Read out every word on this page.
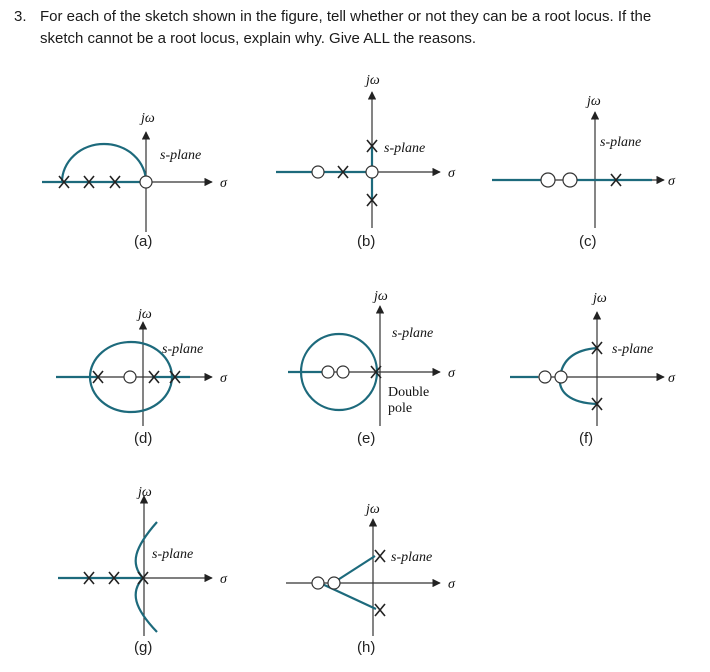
3. For each of the sketch shown in the figure, tell whether or not they can be a root locus. If the sketch cannot be a root locus, explain why. Give ALL the reasons.
jω
s-plane
σ
(a)
jω
s-plane
σ
(b)
jω
s-plane
σ
(c)
jω
s-plane
σ
(d)
jω
s-plane
σ
Double
pole
(e)
jω
s-plane
σ
(f)
jω
s-plane
σ
(g)
jω
s-plane
σ
(h)
